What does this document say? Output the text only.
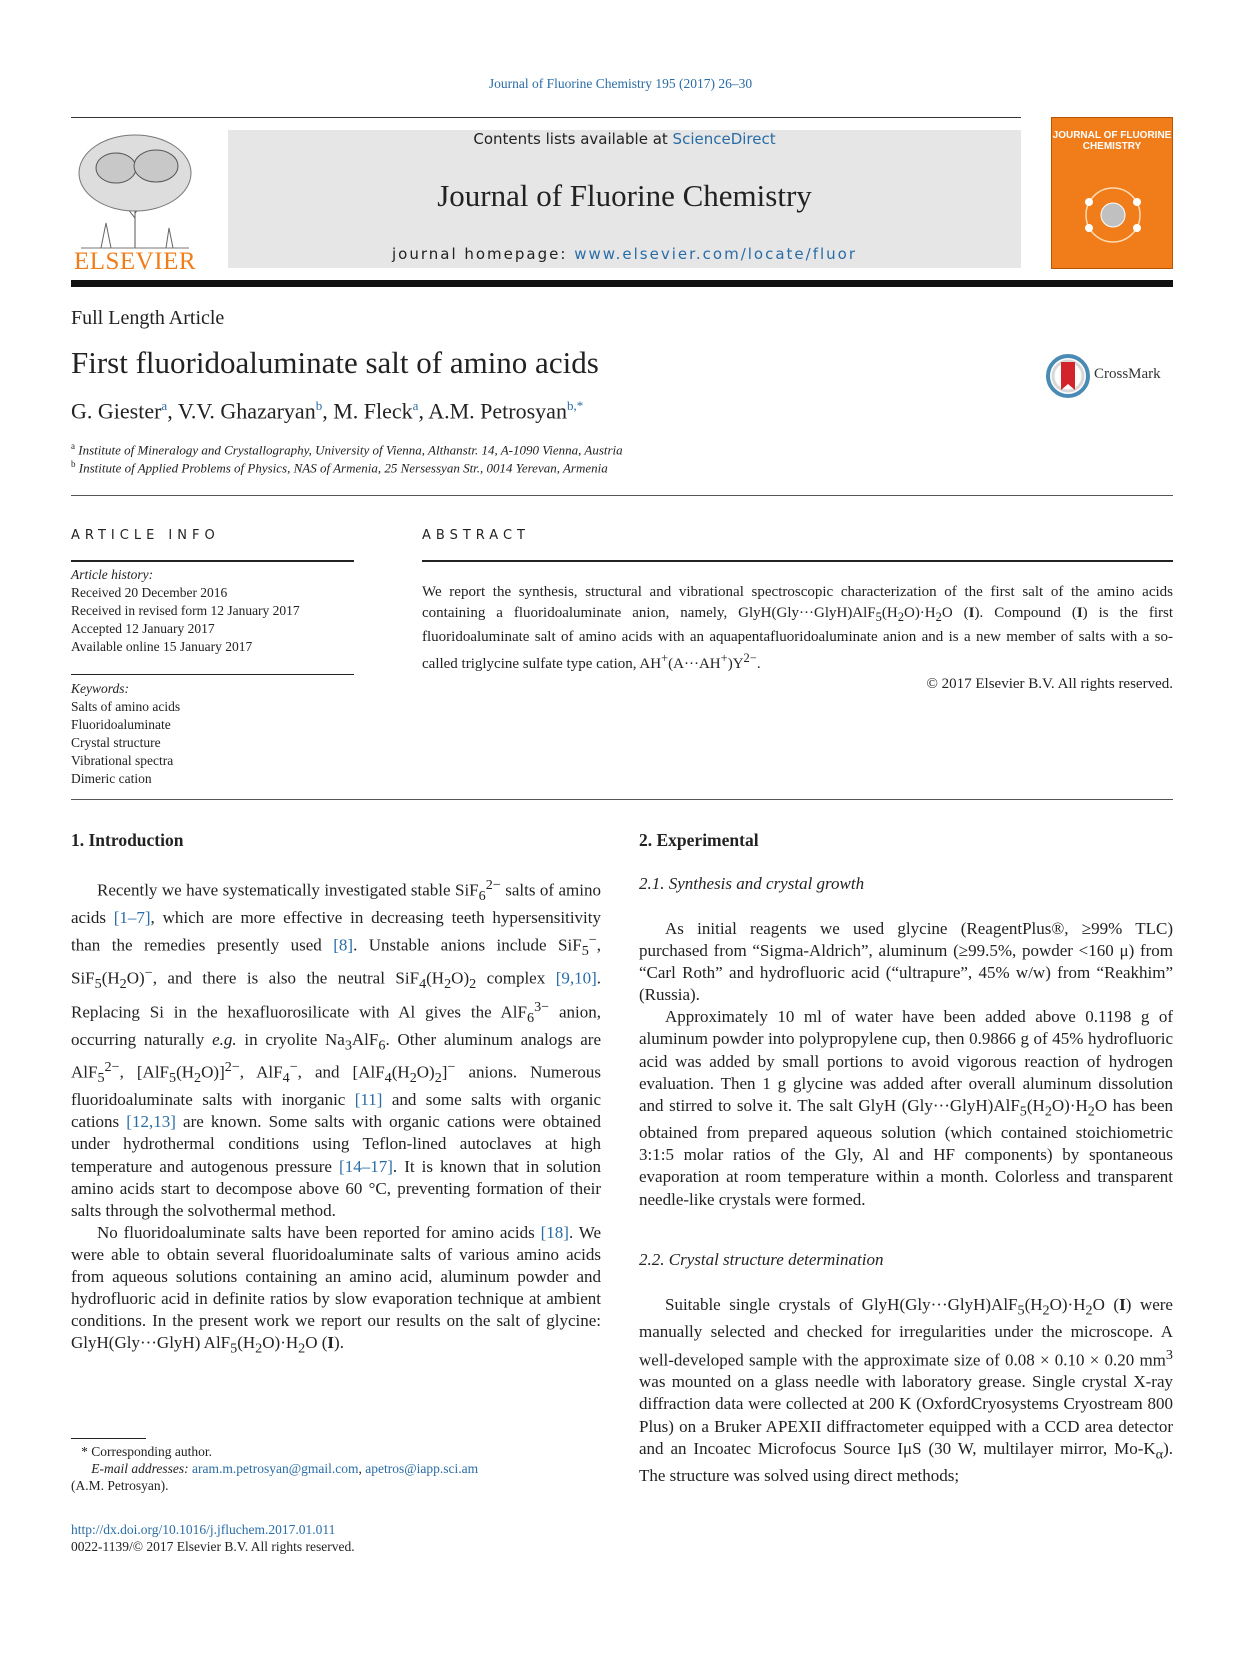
Journal of Fluorine Chemistry 195 (2017) 26–30
ELSEVIER
Contents lists available at ScienceDirect
Journal of Fluorine Chemistry
journal homepage: www.elsevier.com/locate/fluor
JOURNAL OF FLUORINE CHEMISTRY
Full Length Article
First fluoridoaluminate salt of amino acids
G. Giester$^a$, V.V. Ghazaryan$^b$, M. Fleck$^a$, A.M. Petrosyan$^{b,*}$
CrossMark
$^a$ Institute of Mineralogy and Crystallography, University of Vienna, Althanstr. 14, A-1090 Vienna, Austria
$^b$ Institute of Applied Problems of Physics, NAS of Armenia, 25 Nersessyan Str., 0014 Yerevan, Armenia
ARTICLE INFO
Article history:
Received 20 December 2016
Received in revised form 12 January 2017
Accepted 12 January 2017
Available online 15 January 2017
Keywords:
Salts of amino acids
Fluoridoaluminate
Crystal structure
Vibrational spectra
Dimeric cation
ABSTRACT
We report the synthesis, structural and vibrational spectroscopic characterization of the first salt of the amino acids containing a fluoridoaluminate anion, namely, $GlyH(Gly\cdot\cdot\cdot GlyH)AlF_5(H_2O)\cdot H_2O$ (I). Compound (I) is the first fluoridoaluminate salt of amino acids with an aquapentafluoridoaluminate anion and is a new member of salts with a so-called triglycine sulfate type cation, $AH^+(A\cdot\cdot\cdot AH^+)Y^{2-}$.
© 2017 Elsevier B.V. All rights reserved.
1. Introduction

Recently we have systematically investigated stable SiF$_6^{2-}$ salts of amino acids [1–7], which are more effective in decreasing teeth hypersensitivity than the remedies presently used [8]. Unstable anions include SiF$_5$−, $SiF_5(H_2O)^-$, and there is also the neutral $SiF_4(H_2O)_2$ complex [9,10]. Replacing Si in the hexafluorosilicate with Al gives the AlF$_6^{3-}$ anion, occurring naturally e.g. in cryolite $Na_3AlF_6$. Other aluminum analogs are AlF$_5^{2-}$, $[AlF_5(H_2O)]^{2-}$, AlF$_4$−, and $[AlF_4(H_2O)_2]^-$ anions. Numerous fluoridoaluminate salts with inorganic [11] and some salts with organic cations [12,13] are known. Some salts with organic cations were obtained under hydrothermal conditions using Teflon-lined autoclaves at high temperature and autogenous pressure [14–17]. It is known that in solution amino acids start to decompose above 60 °C, preventing formation of their salts through the solvothermal method.

No fluoridoaluminate salts have been reported for amino acids [18]. We were able to obtain several fluoridoaluminate salts of various amino acids from aqueous solutions containing an amino acid, aluminum powder and hydrofluoric acid in definite ratios by slow evaporation technique at ambient conditions. In the present work we report our results on the salt of glycine: GlyH(Gly···GlyH) $AlF_5(H_2O)\cdot H_2O$ (I).

* Corresponding author.
E-mail addresses: aram.m.petrosyan@gmail.com, apetros@iapp.sci.am
(A.M. Petrosyan).
http://dx.doi.org/10.1016/j.jfluchem.2017.01.011
0022-1139/© 2017 Elsevier B.V. All rights reserved.
2. Experimental
2.1. Synthesis and crystal growth

As initial reagents we used glycine (ReagentPlus®, ≥99% TLC) purchased from “Sigma-Aldrich”, aluminum (≥99.5%, powder <160 μ) from “Carl Roth” and hydrofluoric acid (“ultrapure”, 45% w/w) from “Reakhim” (Russia).

Approximately 10 ml of water have been added above 0.1198 g of aluminum powder into polypropylene cup, then 0.9866 g of 45% hydrofluoric acid was added by small portions to avoid vigorous reaction of hydrogen evaluation. Then 1 g glycine was added after overall aluminum dissolution and stirred to solve it. The salt GlyH $(Gly\cdot\cdot\cdot GlyH)AlF_5(H_2O)\cdot H_2O$ has been obtained from prepared aqueous solution (which contained stoichiometric 3:1:5 molar ratios of the Gly, Al and HF components) by spontaneous evaporation at room temperature within a month. Colorless and transparent needle-like crystals were formed.

2.2. Crystal structure determination

Suitable single crystals of $GlyH(Gly\cdot\cdot\cdot GlyH)AlF_5(H_2O)\cdot H_2O$ (I) were manually selected and checked for irregularities under the microscope. A well-developed sample with the approximate size of 0.08 × 0.10 × 0.20 $mm^3$ was mounted on a glass needle with laboratory grease. Single crystal X-ray diffraction data were collected at 200 K (OxfordCryosystems Cryostream 800 Plus) on a Bruker APEXII diffractometer equipped with a CCD area detector and an Incoatec Microfocus Source IμS (30 W, multilayer mirror, $Mo-K_\alpha$). The structure was solved using direct methods;
